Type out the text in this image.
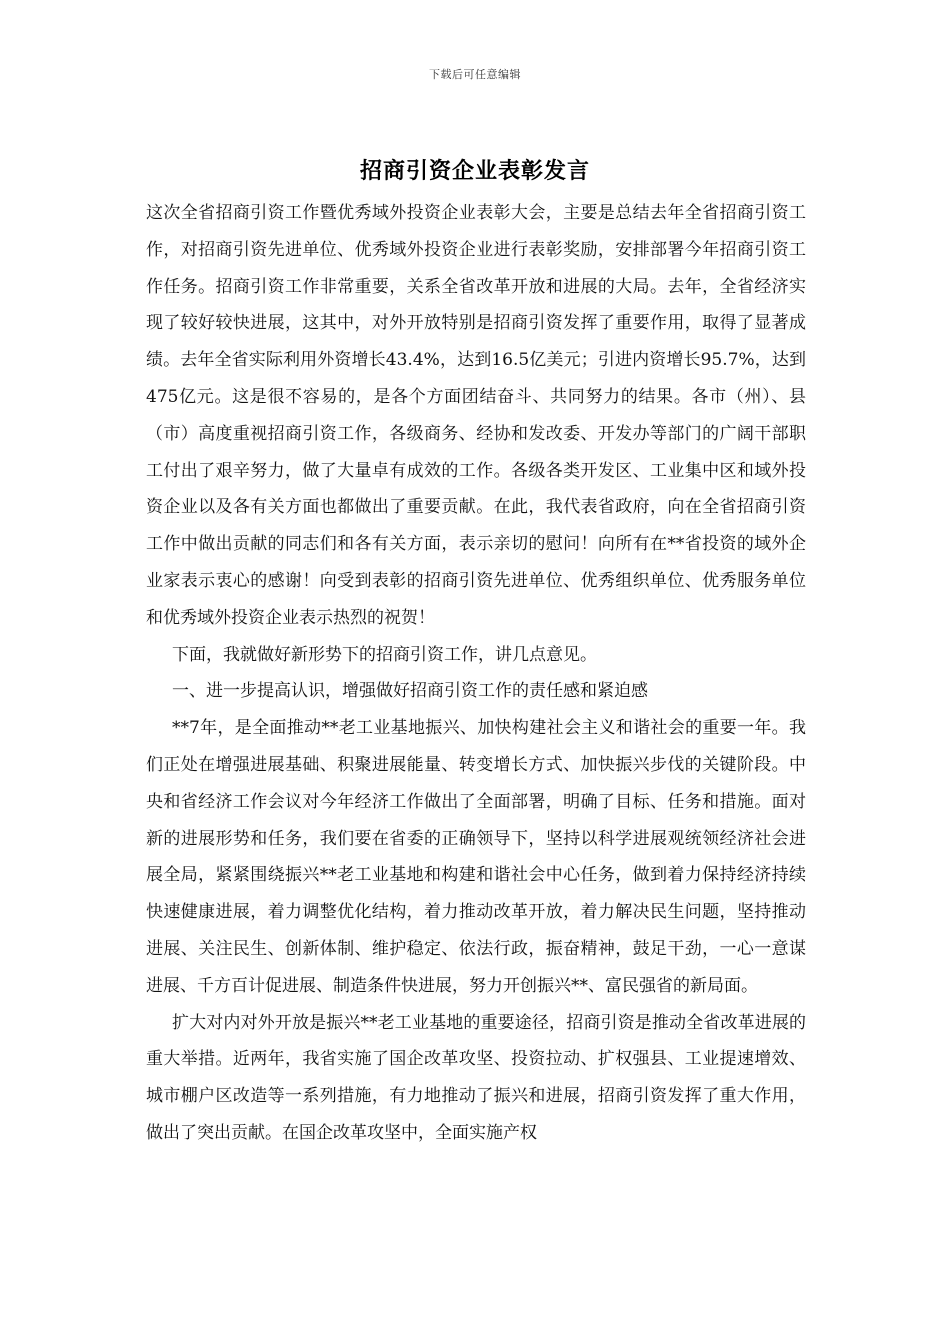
下载后可任意编辑
招商引资企业表彰发言

这次全省招商引资工作暨优秀域外投资企业表彰大会，主要是总结去年全省招商引资工作，对招商引资先进单位、优秀域外投资企业进行表彰奖励，安排部署今年招商引资工作任务。招商引资工作非常重要，关系全省改革开放和进展的大局。去年，全省经济实现了较好较快进展，这其中，对外开放特别是招商引资发挥了重要作用，取得了显著成绩。去年全省实际利用外资增长43.4%，达到16.5亿美元；引进内资增长95.7%，达到475亿元。这是很不容易的，是各个方面团结奋斗、共同努力的结果。各市（州）、县（市）高度重视招商引资工作，各级商务、经协和发改委、开发办等部门的广阔干部职工付出了艰辛努力，做了大量卓有成效的工作。各级各类开发区、工业集中区和域外投资企业以及各有关方面也都做出了重要贡献。在此，我代表省政府，向在全省招商引资工作中做出贡献的同志们和各有关方面，表示亲切的慰问！向所有在**省投资的域外企业家表示衷心的感谢！向受到表彰的招商引资先进单位、优秀组织单位、优秀服务单位和优秀域外投资企业表示热烈的祝贺！

下面，我就做好新形势下的招商引资工作，讲几点意见。

一、进一步提高认识，增强做好招商引资工作的责任感和紧迫感

**7年，是全面推动**老工业基地振兴、加快构建社会主义和谐社会的重要一年。我们正处在增强进展基础、积聚进展能量、转变增长方式、加快振兴步伐的关键阶段。中央和省经济工作会议对今年经济工作做出了全面部署，明确了目标、任务和措施。面对新的进展形势和任务，我们要在省委的正确领导下，坚持以科学进展观统领经济社会进展全局，紧紧围绕振兴**老工业基地和构建和谐社会中心任务，做到着力保持经济持续快速健康进展，着力调整优化结构，着力推动改革开放，着力解决民生问题，坚持推动进展、关注民生、创新体制、维护稳定、依法行政，振奋精神，鼓足干劲，一心一意谋进展、千方百计促进展、制造条件快进展，努力开创振兴**、富民强省的新局面。

扩大对内对外开放是振兴**老工业基地的重要途径，招商引资是推动全省改革进展的重大举措。近两年，我省实施了国企改革攻坚、投资拉动、扩权强县、工业提速增效、城市棚户区改造等一系列措施，有力地推动了振兴和进展，招商引资发挥了重大作用，做出了突出贡献。在国企改革攻坚中，全面实施产权
